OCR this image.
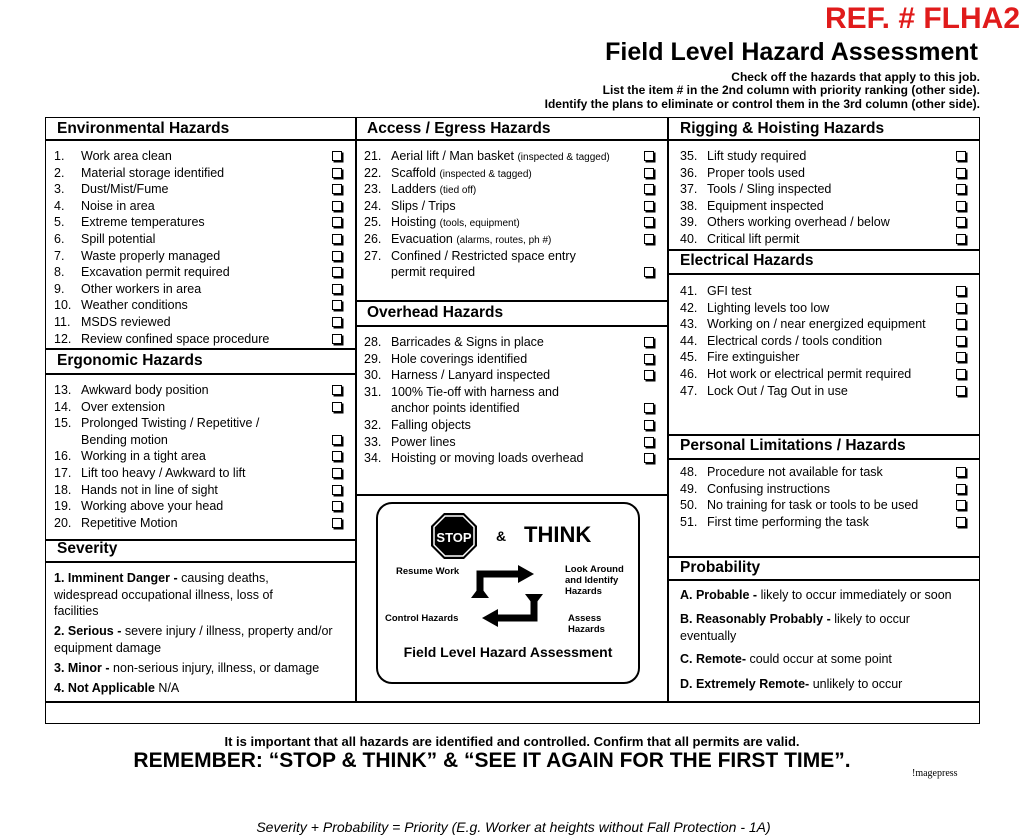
REF. # FLHA2
Field Level Hazard Assessment
Check off the hazards that apply to this job.
List the item # in the 2nd column with priority ranking (other side).
Identify the plans to eliminate or control them in the 3rd column (other side).
Environmental Hazards	Access / Egress Hazards	Rigging & Hoisting Hazards
Ergonomic Hazards
Severity
Overhead Hazards
Electrical Hazards
Personal Limitations / Hazards
Probability
1. Work area clean
2. Material storage identified
3. Dust/Mist/Fume
4. Noise in area
5. Extreme temperatures
6. Spill potential
7. Waste properly managed
8. Excavation permit required
9. Other workers in area
10. Weather conditions
11. MSDS reviewed
12. Review confined space procedure
13. Awkward body position
14. Over extension
15. Prolonged Twisting / Repetitive /
Bending motion
16. Working in a tight area
17. Lift too heavy / Awkward to lift
18. Hands not in line of sight
19. Working above your head
20. Repetitive Motion
21. Aerial lift / Man basket (inspected & tagged)
22. Scaffold (inspected & tagged)
23. Ladders (tied off)
24. Slips / Trips
25. Hoisting (tools, equipment)
26. Evacuation (alarms, routes, ph #)
27. Confined / Restricted space entry
permit required
28. Barricades & Signs in place
29. Hole coverings identified
30. Harness / Lanyard inspected
31. 100% Tie-off with harness and
anchor points identified
32. Falling objects
33. Power lines
34. Hoisting or moving loads overhead
35. Lift study required
36. Proper tools used
37. Tools / Sling inspected
38. Equipment inspected
39. Others working overhead / below
40. Critical lift permit
41. GFI test
42. Lighting levels too low
43. Working on / near energized equipment
44. Electrical cords / tools condition
45. Fire extinguisher
46. Hot work or electrical permit required
47. Lock Out / Tag Out in use
48. Procedure not available for task
49. Confusing instructions
50. No training for task or tools to be used
51. First time performing the task
1. Imminent Danger - causing deaths, widespread occupational illness, loss of facilities
2. Serious - severe injury / illness, property and/or equipment damage
3. Minor - non-serious injury, illness, or damage
4. Not Applicable N/A
A. Probable - likely to occur immediately or soon
B. Reasonably Probably - likely to occur eventually
C. Remote- could occur at some point
D. Extremely Remote- unlikely to occur
Severity + Probability = Priority (E.g. Worker at heights without Fall Protection - 1A)
STOP & THINK
Resume Work	Look Around and Identify Hazards
Control Hazards	Assess Hazards
Field Level Hazard Assessment
It is important that all hazards are identified and controlled. Confirm that all permits are valid.
REMEMBER: “STOP & THINK” & “SEE IT AGAIN FOR THE FIRST TIME”.
!magepress
